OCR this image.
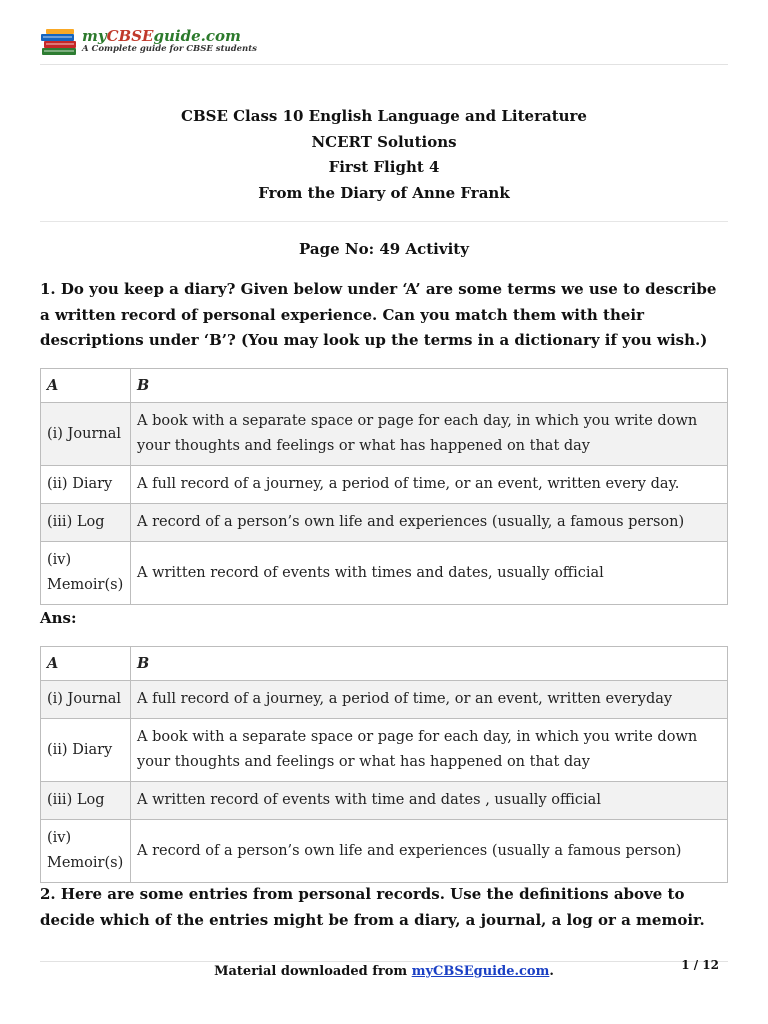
myCBSEguide.com
A Complete guide for CBSE students
CBSE Class 10 English Language and Literature
NCERT Solutions
First Flight 4
From the Diary of Anne Frank
Page No: 49 Activity
1. Do you keep a diary? Given below under ‘A’ are some terms we use to describe a written record of personal experience. Can you match them with their descriptions under ‘B’? (You may look up the terms in a dictionary if you wish.)
A	B
(i) Journal	A book with a separate space or page for each day, in which you write down your thoughts and feelings or what has happened on that day
(ii) Diary	A full record of a journey, a period of time, or an event, written every day.
(iii) Log	A record of a person’s own life and experiences (usually, a famous person)
(iv) Memoir(s)	A written record of events with times and dates, usually official
Ans:
A	B
(i) Journal	A full record of a journey, a period of time, or an event, written everyday
(ii) Diary	A book with a separate space or page for each day, in which you write down your thoughts and feelings or what has happened on that day
(iii) Log	A written record of events with time and dates , usually official
(iv) Memoir(s)	A record of a person’s own life and experiences (usually a famous person)
2. Here are some entries from personal records. Use the definitions above to decide which of the entries might be from a diary, a journal, a log or a memoir.
Material downloaded from myCBSEguide.com.	1 / 12
